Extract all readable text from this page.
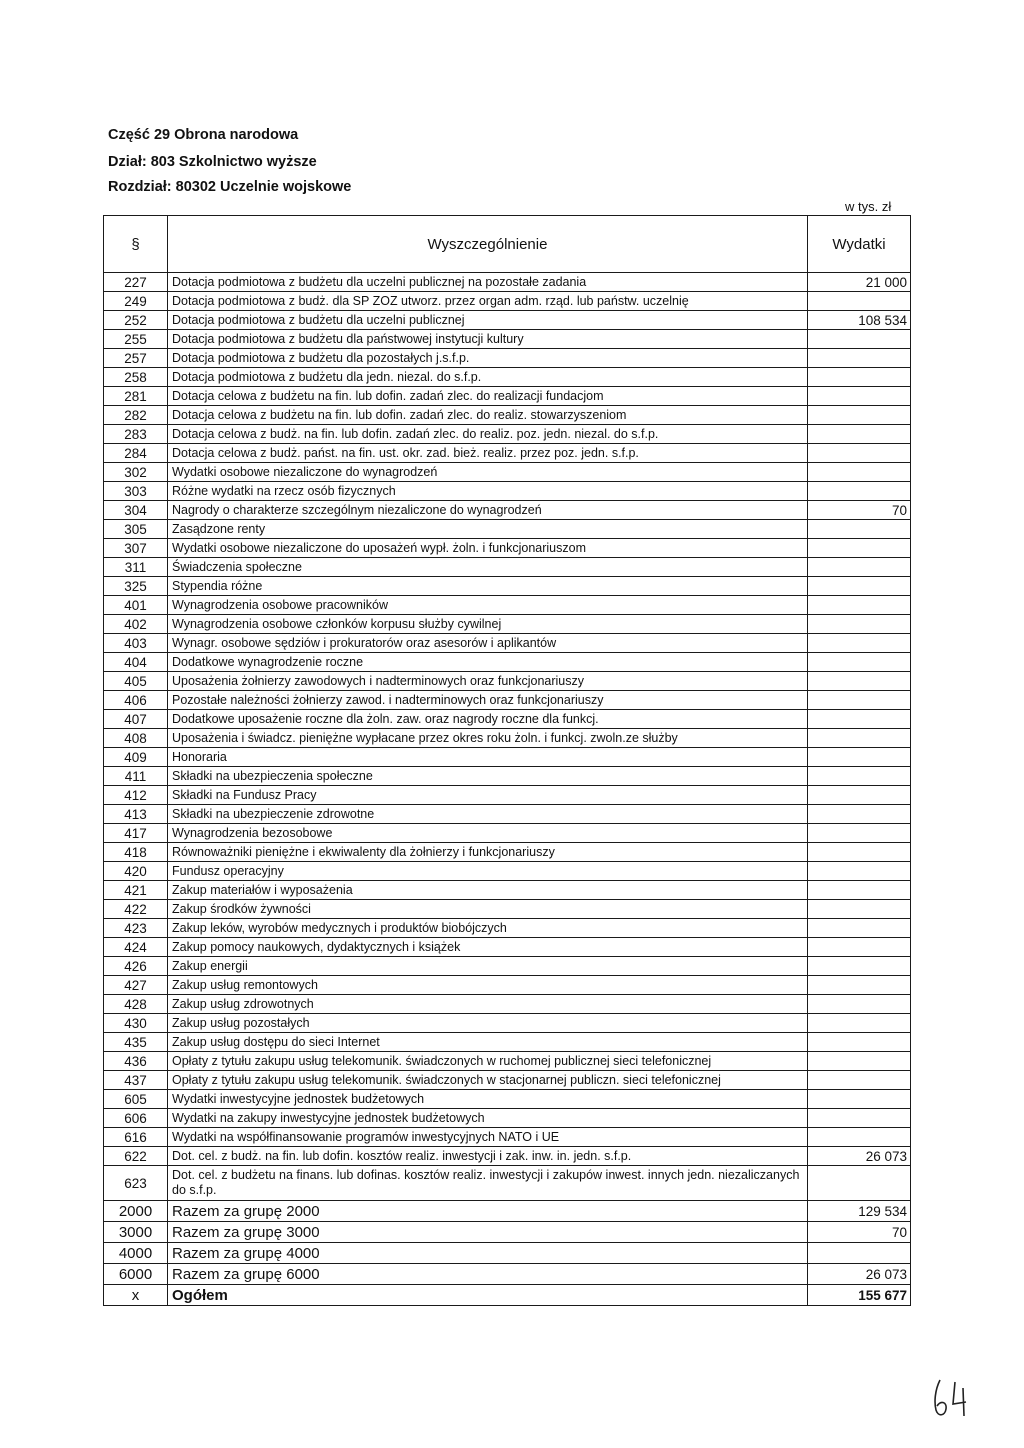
Część 29 Obrona narodowa
Dział: 803 Szkolnictwo wyższe
Rozdział: 80302 Uczelnie wojskowe
w tys. zł
§	Wyszczególnienie	Wydatki
227	Dotacja podmiotowa z budżetu dla uczelni publicznej na pozostałe zadania	21 000
249	Dotacja podmiotowa z budż. dla SP ZOZ utworz. przez organ adm. rząd. lub państw. uczelnię	
252	Dotacja podmiotowa z budżetu dla uczelni publicznej	108 534
255	Dotacja podmiotowa z budżetu dla państwowej instytucji kultury	
257	Dotacja podmiotowa z budżetu dla pozostałych j.s.f.p.	
258	Dotacja podmiotowa z budżetu dla jedn. niezal. do s.f.p.	
281	Dotacja celowa z budżetu na fin. lub dofin. zadań zlec. do realizacji fundacjom	
282	Dotacja celowa z budżetu na fin. lub dofin. zadań zlec. do realiz. stowarzyszeniom	
283	Dotacja celowa z budż. na fin. lub dofin. zadań zlec. do realiz. poz. jedn. niezal. do s.f.p.	
284	Dotacja celowa z budż. państ. na fin. ust. okr. zad. bież. realiz. przez poz. jedn. s.f.p.	
302	Wydatki osobowe niezaliczone do wynagrodzeń	
303	Różne wydatki na rzecz osób fizycznych	
304	Nagrody o charakterze szczególnym niezaliczone do wynagrodzeń	70
305	Zasądzone renty	
307	Wydatki osobowe niezaliczone do uposażeń wypł. żoln. i funkcjonariuszom	
311	Świadczenia społeczne	
325	Stypendia różne	
401	Wynagrodzenia osobowe pracowników	
402	Wynagrodzenia osobowe członków korpusu służby cywilnej	
403	Wynagr. osobowe sędziów i prokuratorów oraz asesorów i aplikantów	
404	Dodatkowe wynagrodzenie roczne	
405	Uposażenia żołnierzy zawodowych i nadterminowych oraz funkcjonariuszy	
406	Pozostałe należności żołnierzy zawod. i nadterminowych oraz funkcjonariuszy	
407	Dodatkowe uposażenie roczne dla żoln. zaw. oraz nagrody roczne dla funkcj.	
408	Uposażenia i świadcz. pieniężne wypłacane przez okres roku żoln. i funkcj. zwoln.ze służby	
409	Honoraria	
411	Składki na ubezpieczenia społeczne	
412	Składki na Fundusz Pracy	
413	Składki na ubezpieczenie zdrowotne	
417	Wynagrodzenia bezosobowe	
418	Równoważniki pieniężne i ekwiwalenty dla żołnierzy i funkcjonariuszy	
420	Fundusz operacyjny	
421	Zakup materiałów i wyposażenia	
422	Zakup środków żywności	
423	Zakup leków, wyrobów medycznych i produktów biobójczych	
424	Zakup pomocy naukowych, dydaktycznych i książek	
426	Zakup energii	
427	Zakup usług remontowych	
428	Zakup usług zdrowotnych	
430	Zakup usług pozostałych	
435	Zakup usług dostępu do sieci Internet	
436	Opłaty z tytułu zakupu usług telekomunik. świadczonych w ruchomej publicznej sieci telefonicznej	
437	Opłaty z tytułu zakupu usług telekomunik. świadczonych w stacjonarnej publiczn. sieci telefonicznej	
605	Wydatki inwestycyjne jednostek budżetowych	
606	Wydatki na zakupy inwestycyjne jednostek budżetowych	
616	Wydatki na współfinansowanie programów inwestycyjnych NATO i UE	
622	Dot. cel. z budż. na fin. lub dofin. kosztów realiz. inwestycji i zak. inw. in. jedn. s.f.p.	26 073
623	Dot. cel. z budżetu na finans. lub dofinas. kosztów realiz. inwestycji i zakupów inwest. innych jedn. niezaliczanych do s.f.p.	
2000	Razem za grupę 2000	129 534
3000	Razem za grupę 3000	70
4000	Razem za grupę 4000	
6000	Razem za grupę 6000	26 073
x	Ogółem	155 677
